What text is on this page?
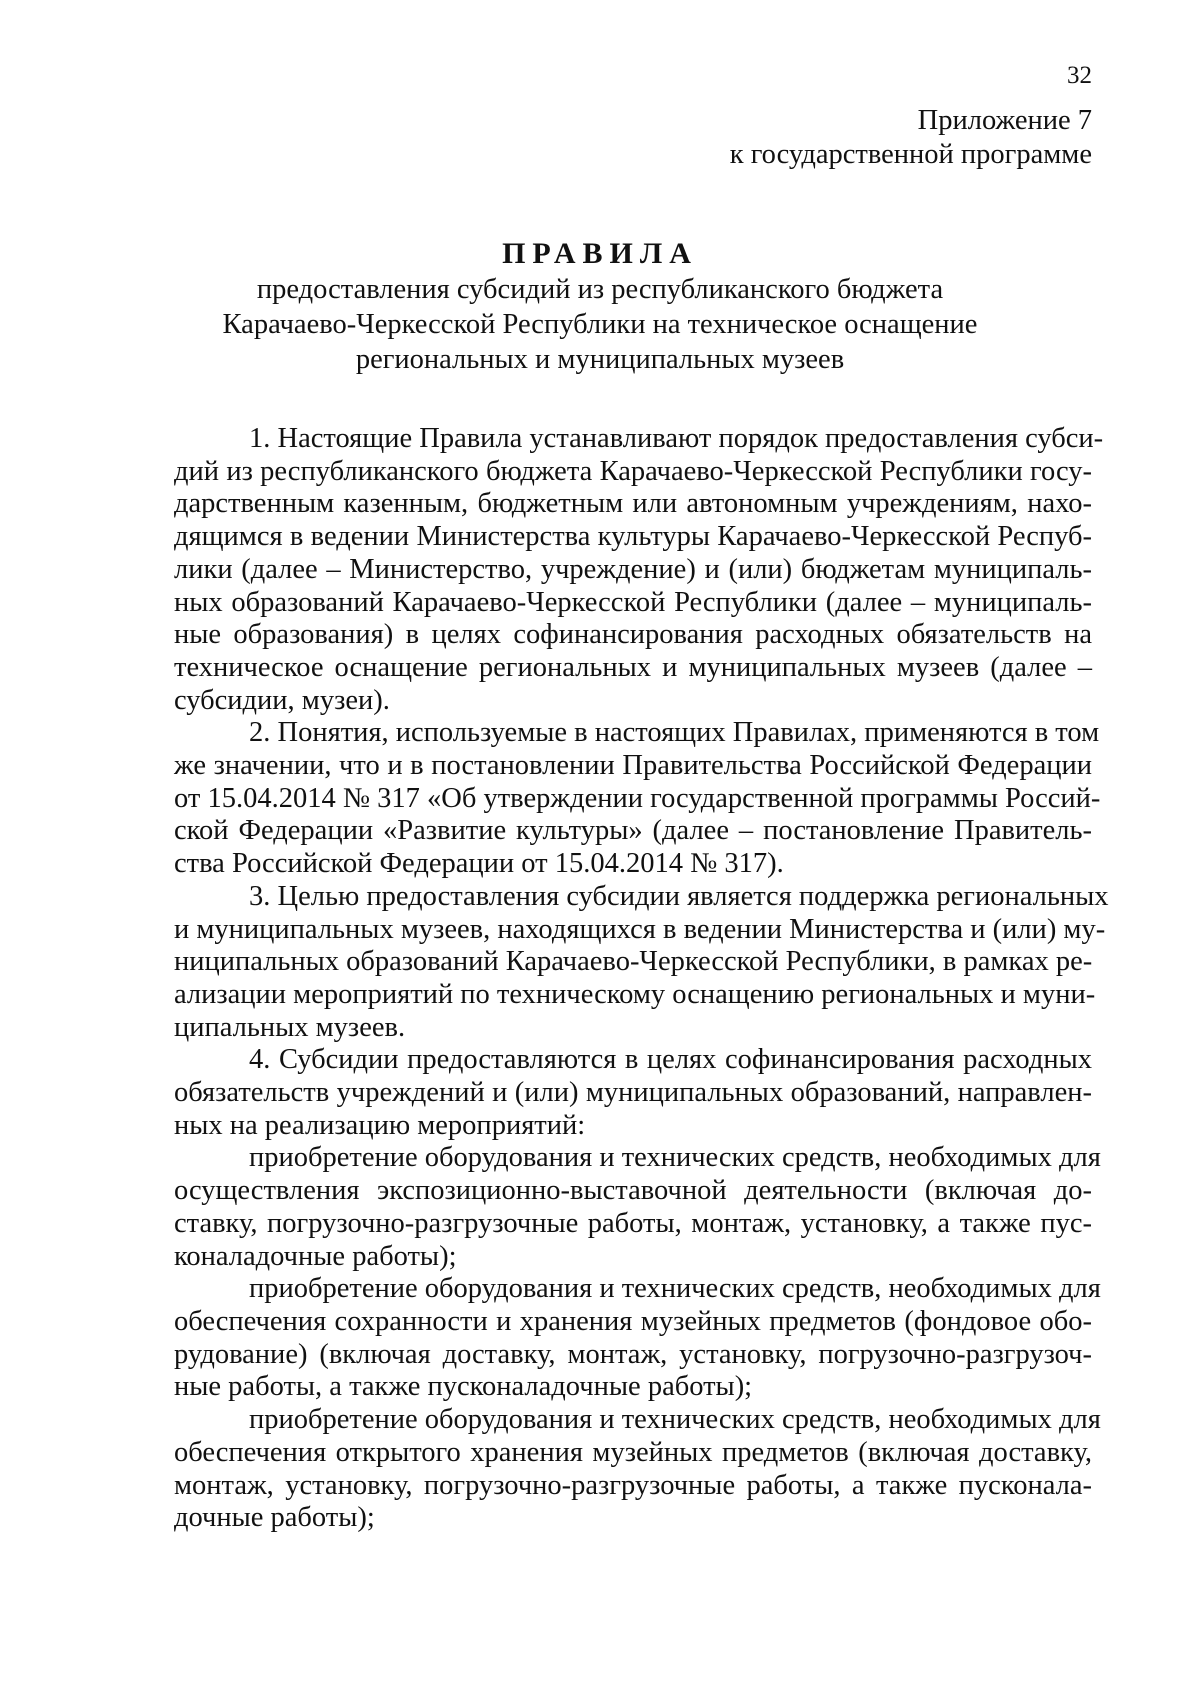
32
Приложение 7
к государственной программе
ПРАВИЛА
предоставления субсидий из республиканского бюджета
Карачаево-Черкесской Республики на техническое оснащение
региональных и муниципальных музеев
1. Настоящие Правила устанавливают порядок предоставления субси-
дий из республиканского бюджета Карачаево-Черкесской Республики госу-
дарственным казенным, бюджетным или автономным учреждениям, нахо-
дящимся в ведении Министерства культуры Карачаево-Черкесской Респуб-
лики (далее – Министерство, учреждение) и (или) бюджетам муниципаль-
ных образований Карачаево-Черкесской Республики (далее – муниципаль-
ные образования) в целях софинансирования расходных обязательств на
техническое оснащение региональных и муниципальных музеев (далее –
субсидии, музеи).
2. Понятия, используемые в настоящих Правилах, применяются в том
же значении, что и в постановлении Правительства Российской Федерации
от 15.04.2014 № 317 «Об утверждении государственной программы Россий-
ской Федерации «Развитие культуры» (далее – постановление Правитель-
ства Российской Федерации от 15.04.2014 № 317).
3. Целью предоставления субсидии является поддержка региональных
и муниципальных музеев, находящихся в ведении Министерства и (или) му-
ниципальных образований Карачаево-Черкесской Республики, в рамках ре-
ализации мероприятий по техническому оснащению региональных и муни-
ципальных музеев.
4. Субсидии предоставляются в целях софинансирования расходных
обязательств учреждений и (или) муниципальных образований, направлен-
ных на реализацию мероприятий:
приобретение оборудования и технических средств, необходимых для
осуществления экспозиционно-выставочной деятельности (включая до-
ставку, погрузочно-разгрузочные работы, монтаж, установку, а также пус-
коналадочные работы);
приобретение оборудования и технических средств, необходимых для
обеспечения сохранности и хранения музейных предметов (фондовое обо-
рудование) (включая доставку, монтаж, установку, погрузочно-разгрузоч-
ные работы, а также пусконаладочные работы);
приобретение оборудования и технических средств, необходимых для
обеспечения открытого хранения музейных предметов (включая доставку,
монтаж, установку, погрузочно-разгрузочные работы, а также пусконала-
дочные работы);
